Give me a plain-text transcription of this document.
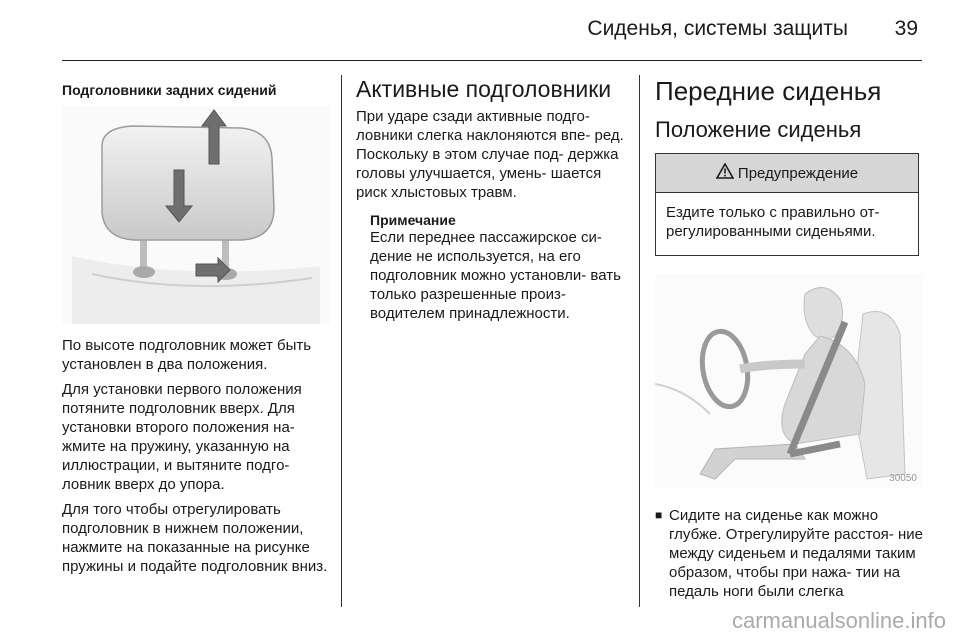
Сиденья, системы защиты 39
Подголовники задних сидений

По высоте подголовник может быть установлен в два положения.

Для установки первого положения потяните подголовник вверх. Для установки второго положения на- жмите на пружину, указанную на иллюстрации, и вытяните подго- ловник вверх до упора.

Для того чтобы отрегулировать подголовник в нижнем положении, нажмите на показанные на рисунке пружины и подайте подголовник вниз.

Активные подголовники

При ударе сзади активные подго- ловники слегка наклоняются впе- ред. Поскольку в этом случае под- держка головы улучшается, умень- шается риск хлыстовых травм.

Примечание

Если переднее пассажирское си- дение не используется, на его подголовник можно установли- вать только разрешенные произ- водителем принадлежности.

Передние сиденья
Положение сиденья
Предупреждение
Ездите только с правильно от- регулированными сиденьями.
30050
■ Сидите на сиденье как можно глубже. Отрегулируйте расстоя- ние между сиденьем и педалями таким образом, чтобы при нажа- тии на педаль ноги были слегка
carmanualsonline.info
